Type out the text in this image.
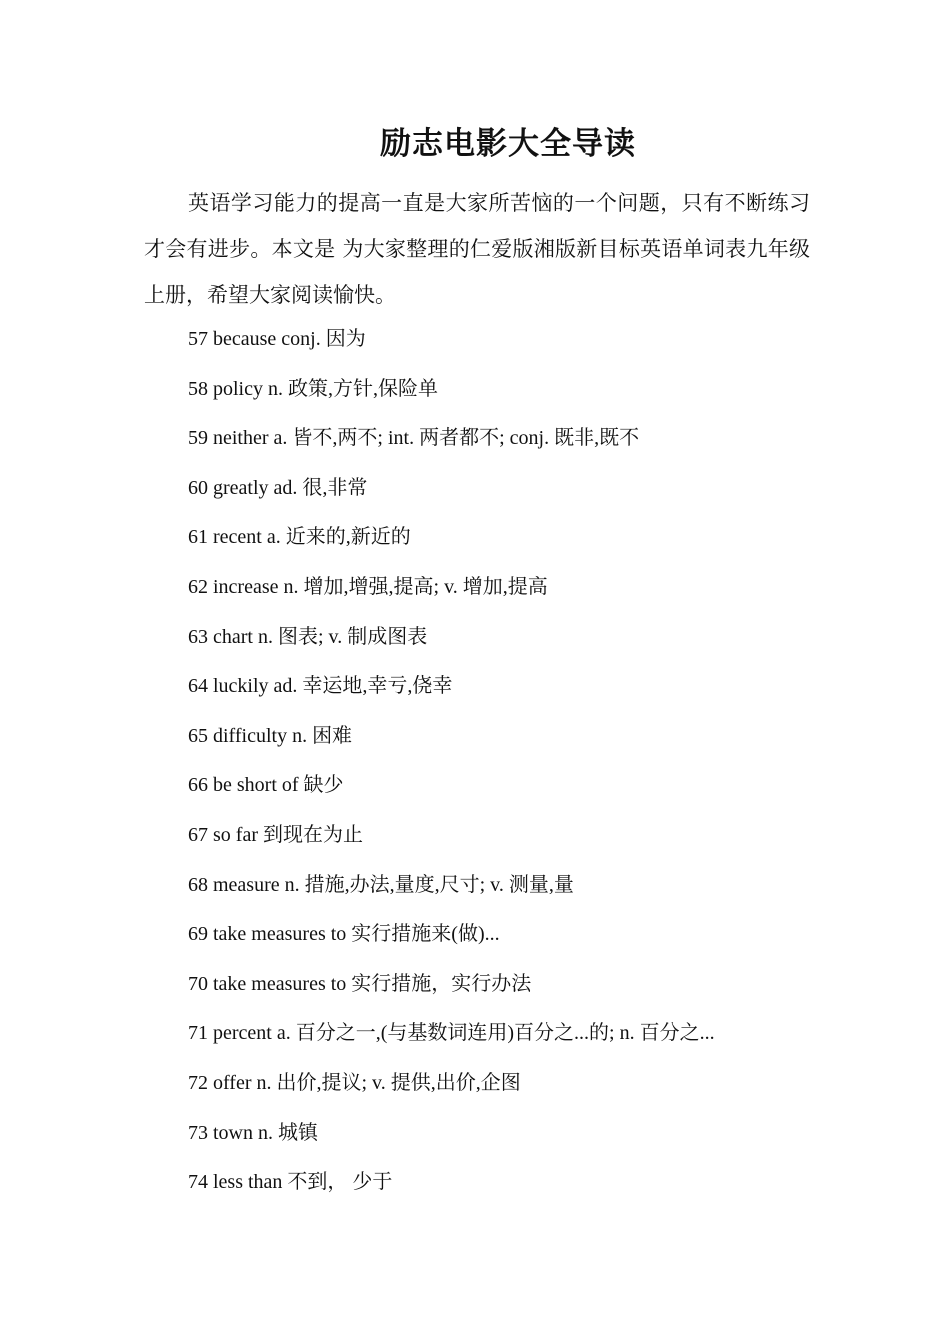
励志电影大全导读

英语学习能力的提高一直是大家所苦恼的一个问题，只有不断练习才会有进步。本文是 为大家整理的仁爱版湘版新目标英语单词表九年级上册，希望大家阅读愉快。

57 because conj. 因为
58 policy n. 政策,方针,保险单
59 neither a. 皆不,两不; int. 两者都不; conj. 既非,既不
60 greatly ad. 很,非常
61 recent a. 近来的,新近的
62 increase n. 增加,增强,提高; v. 增加,提高
63 chart n. 图表; v. 制成图表
64 luckily ad. 幸运地,幸亏,侥幸
65 difficulty n. 困难
66 be short of 缺少
67 so far 到现在为止
68 measure n. 措施,办法,量度,尺寸; v. 测量,量
69 take measures to 实行措施来(做)...
70 take measures to 实行措施，实行办法
71 percent a. 百分之一,(与基数词连用)百分之...的; n. 百分之...
72 offer n. 出价,提议; v. 提供,出价,企图
73 town n. 城镇
74 less than 不到， 少于
